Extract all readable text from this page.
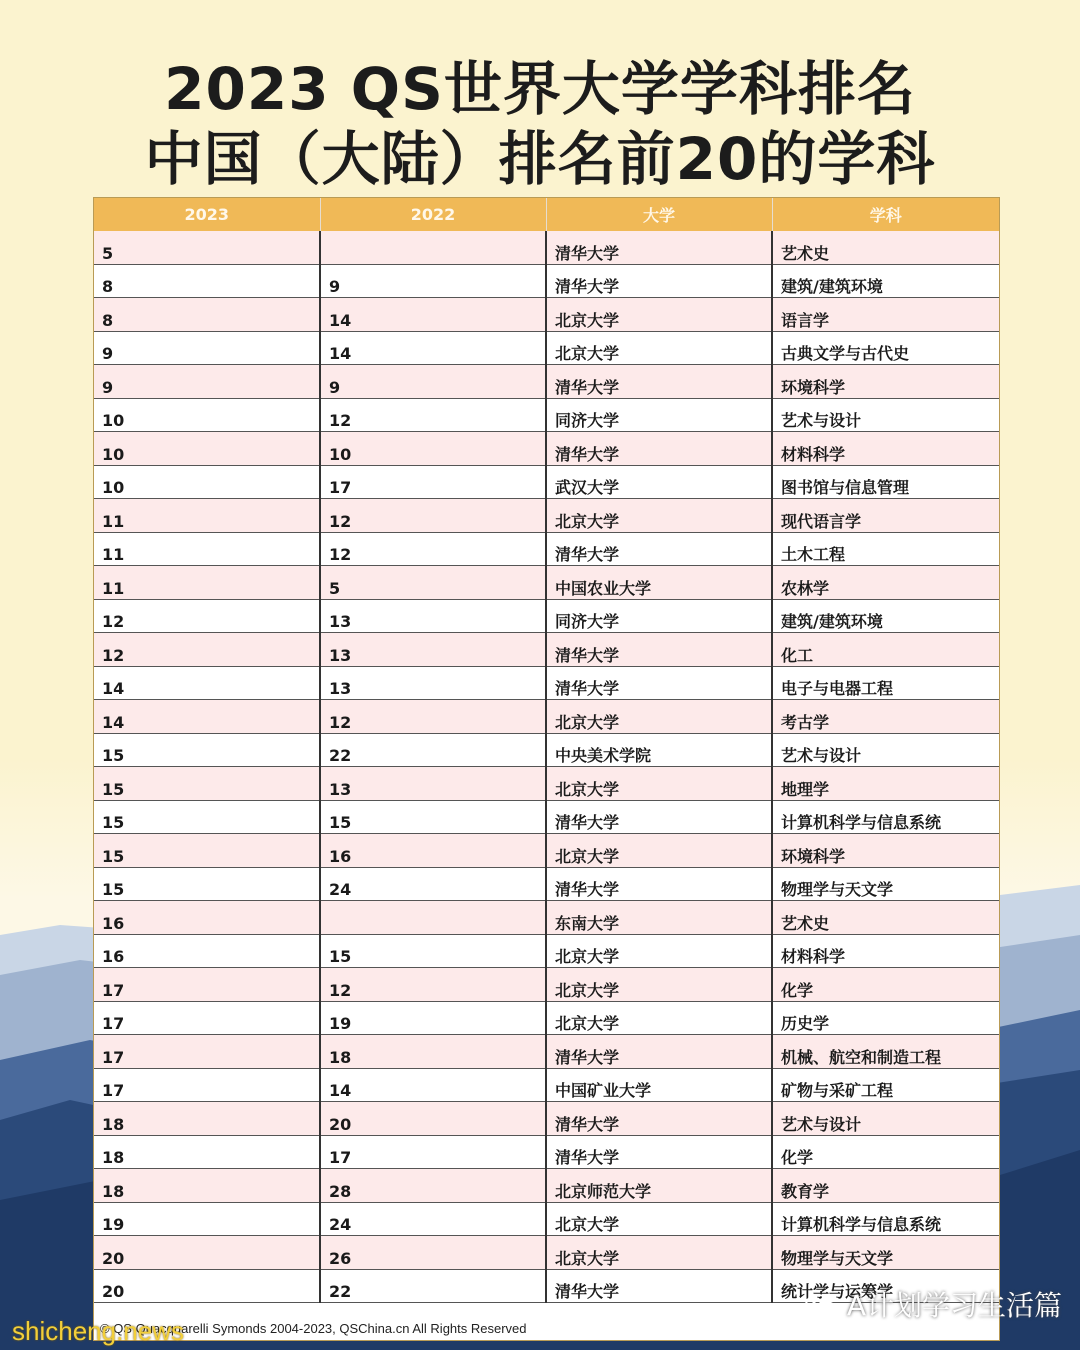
2023 QS世界大学学科排名
中国（大陆）排名前20的学科
2023	2022	大学	学科
5		清华大学	艺术史
8	9	清华大学	建筑/建筑环境
8	14	北京大学	语言学
9	14	北京大学	古典文学与古代史
9	9	清华大学	环境科学
10	12	同济大学	艺术与设计
10	10	清华大学	材料科学
10	17	武汉大学	图书馆与信息管理
11	12	北京大学	现代语言学
11	12	清华大学	土木工程
11	5	中国农业大学	农林学
12	13	同济大学	建筑/建筑环境
12	13	清华大学	化工
14	13	清华大学	电子与电器工程
14	12	北京大学	考古学
15	22	中央美术学院	艺术与设计
15	13	北京大学	地理学
15	15	清华大学	计算机科学与信息系统
15	16	北京大学	环境科学
15	24	清华大学	物理学与天文学
16		东南大学	艺术史
16	15	北京大学	材料科学
17	12	北京大学	化学
17	19	北京大学	历史学
17	18	清华大学	机械、航空和制造工程
17	14	中国矿业大学	矿物与采矿工程
18	20	清华大学	艺术与设计
18	17	清华大学	化学
18	28	北京师范大学	教育学
19	24	北京大学	计算机科学与信息系统
20	26	北京大学	物理学与天文学
20	22	清华大学	统计学与运筹学
© QS Quacquarelli Symonds 2004-2023, QSChina.cn All Rights Reserved
shicheng.news
A计划学习生活篇
